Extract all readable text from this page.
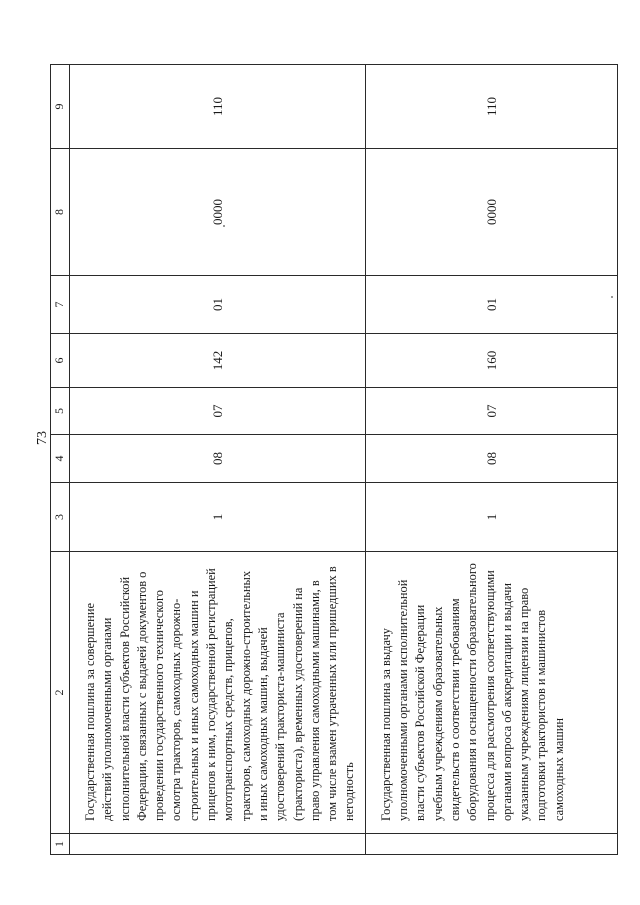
73
1	2	3	4	5	6	7	8	9
	Государственная пошлина за совершение действий уполномоченными органами исполнительной власти субъектов Российской Федерации, связанных с выдачей документов о проведении государственного технического осмотра тракторов, самоходных дорожно-строительных и иных самоходных машин и прицепов к ним, государственной регистрацией мототранспортных средств, прицепов, тракторов, самоходных дорожно-строительных и иных самоходных машин, выдачей удостоверений тракториста-машиниста (тракториста), временных удостоверений на право управления самоходными машинами, в том числе взамен утраченных или пришедших в негодность	1	08	07	142	01	0000	110
	Государственная пошлина за выдачу уполномоченными органами исполнительной власти субъектов Российской Федерации учебным учреждениям образовательных свидетельств о соответствии требованиям оборудования и оснащенности образовательного процесса для рассмотрения соответствующими органами вопроса об аккредитации и выдачи указанным учреждениям лицензии на право подготовки трактористов и машинистов самоходных машин	1	08	07	160	01	0000	110
